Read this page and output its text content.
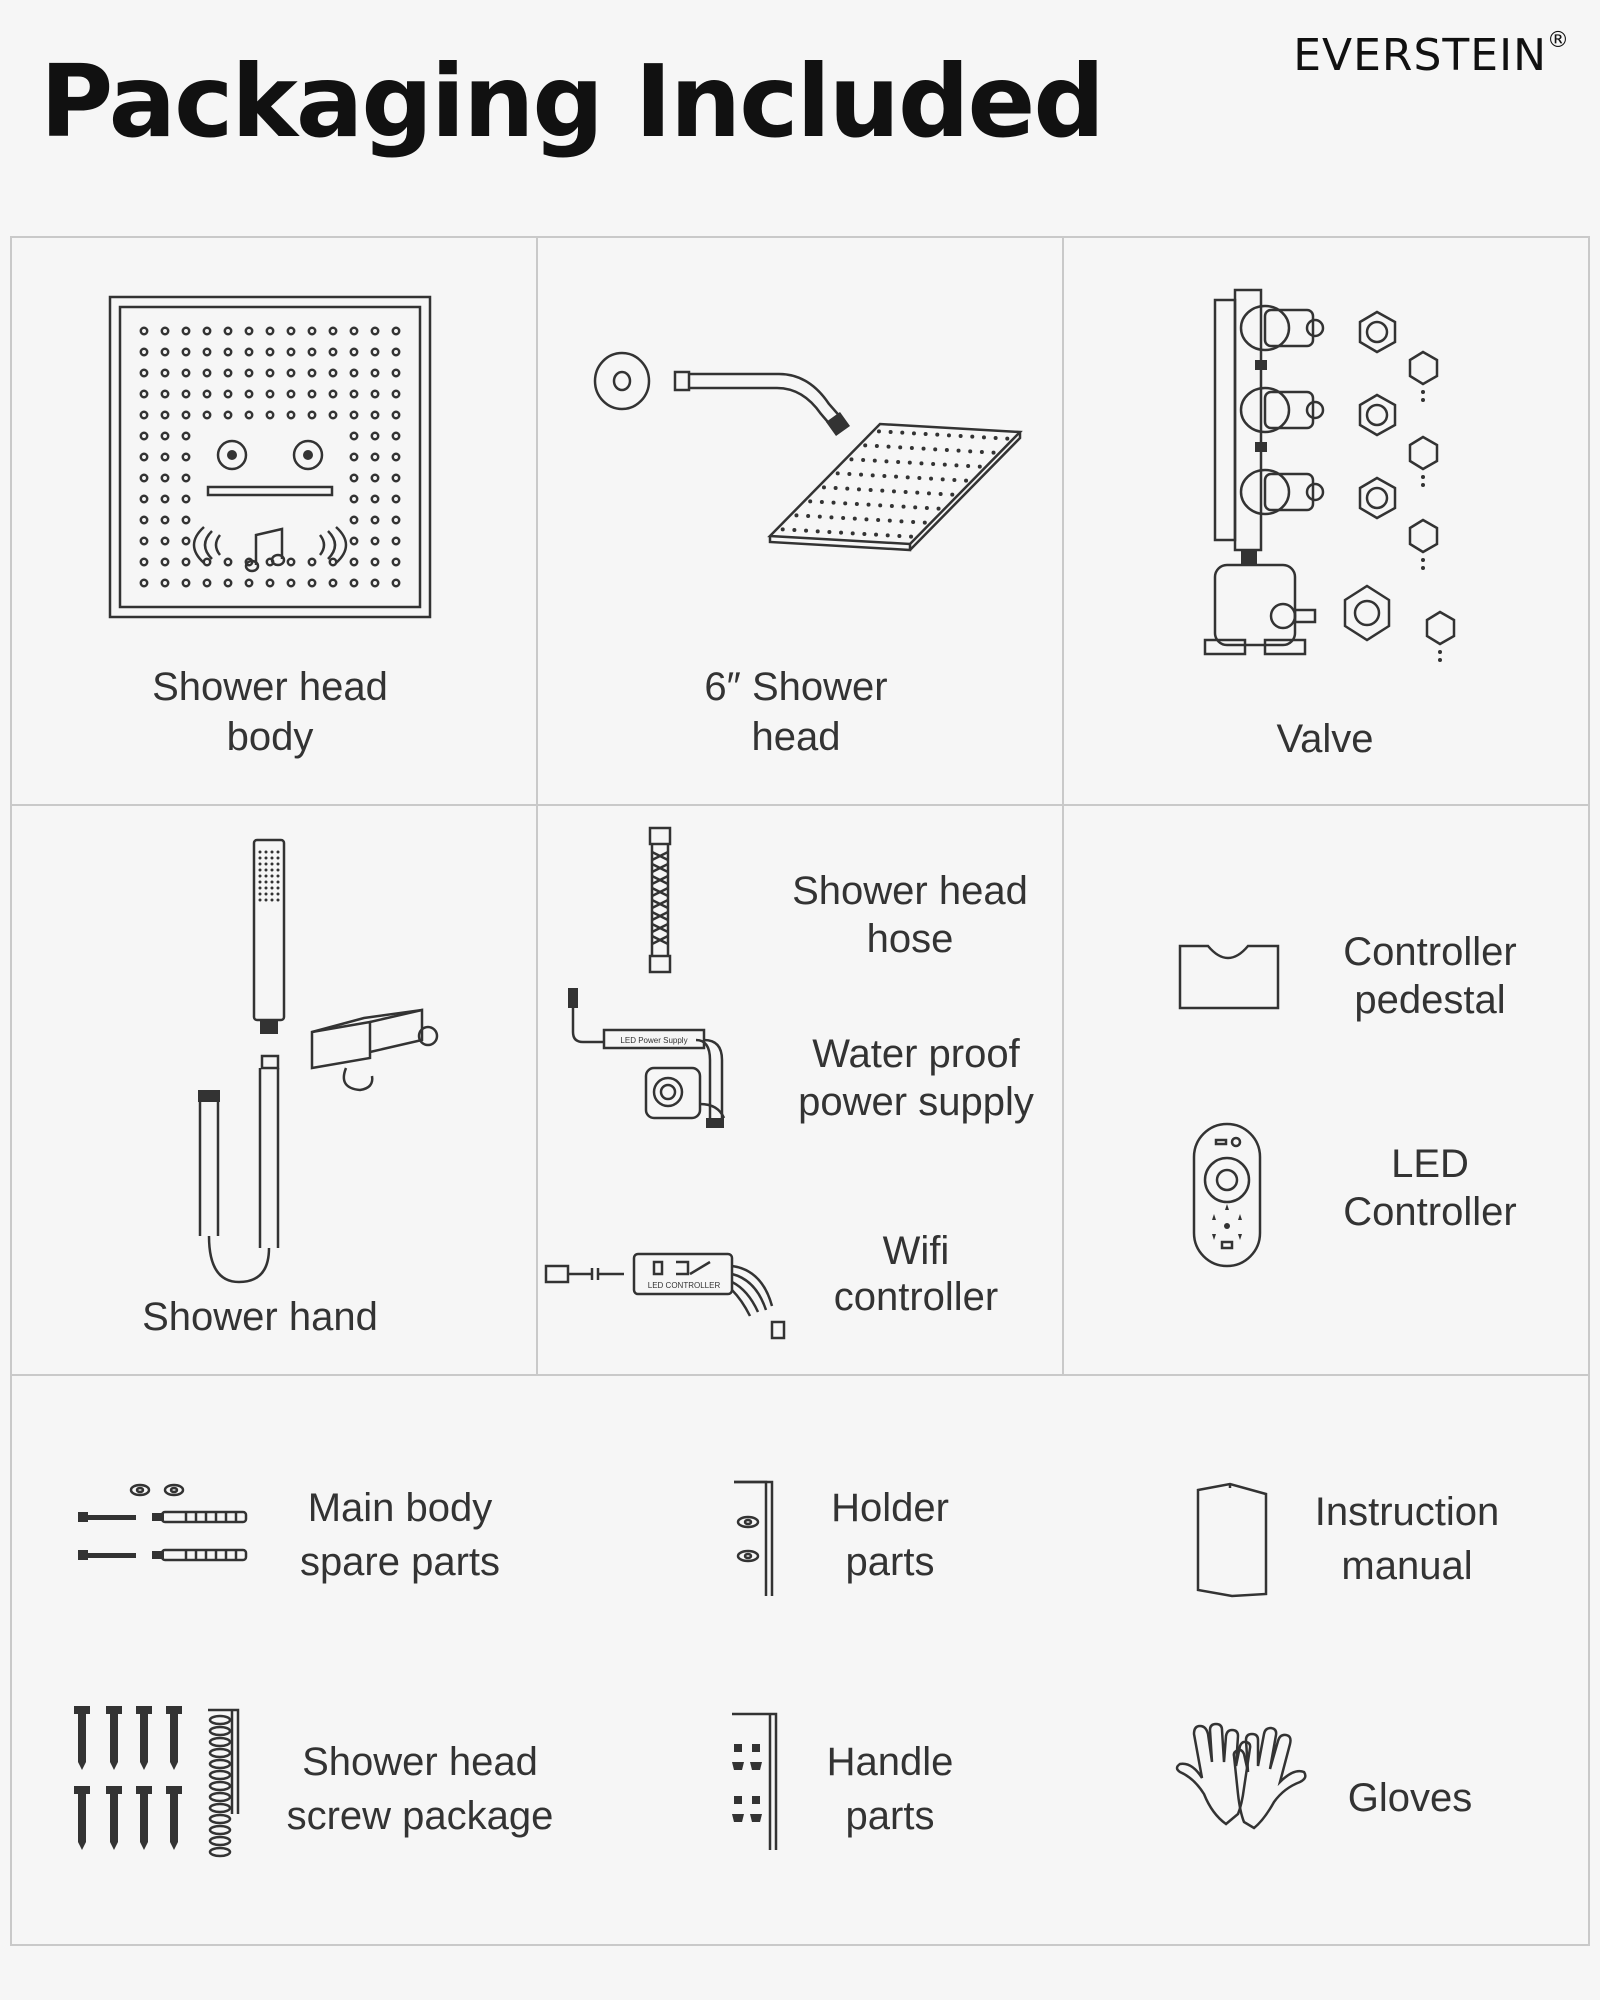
Packaging Included	EVERSTEIN®
Shower head
body
6″ Shower
head	Valve
Shower hand
Shower head
hose
LED Power Supply	Water proof
power supply
LED CONTROLLER
Wifi
controller
Controller
pedestal
LED
Controller
Main body
spare parts
Holder
parts
Instruction
manual
Shower head
screw package
Handle
parts	Gloves
